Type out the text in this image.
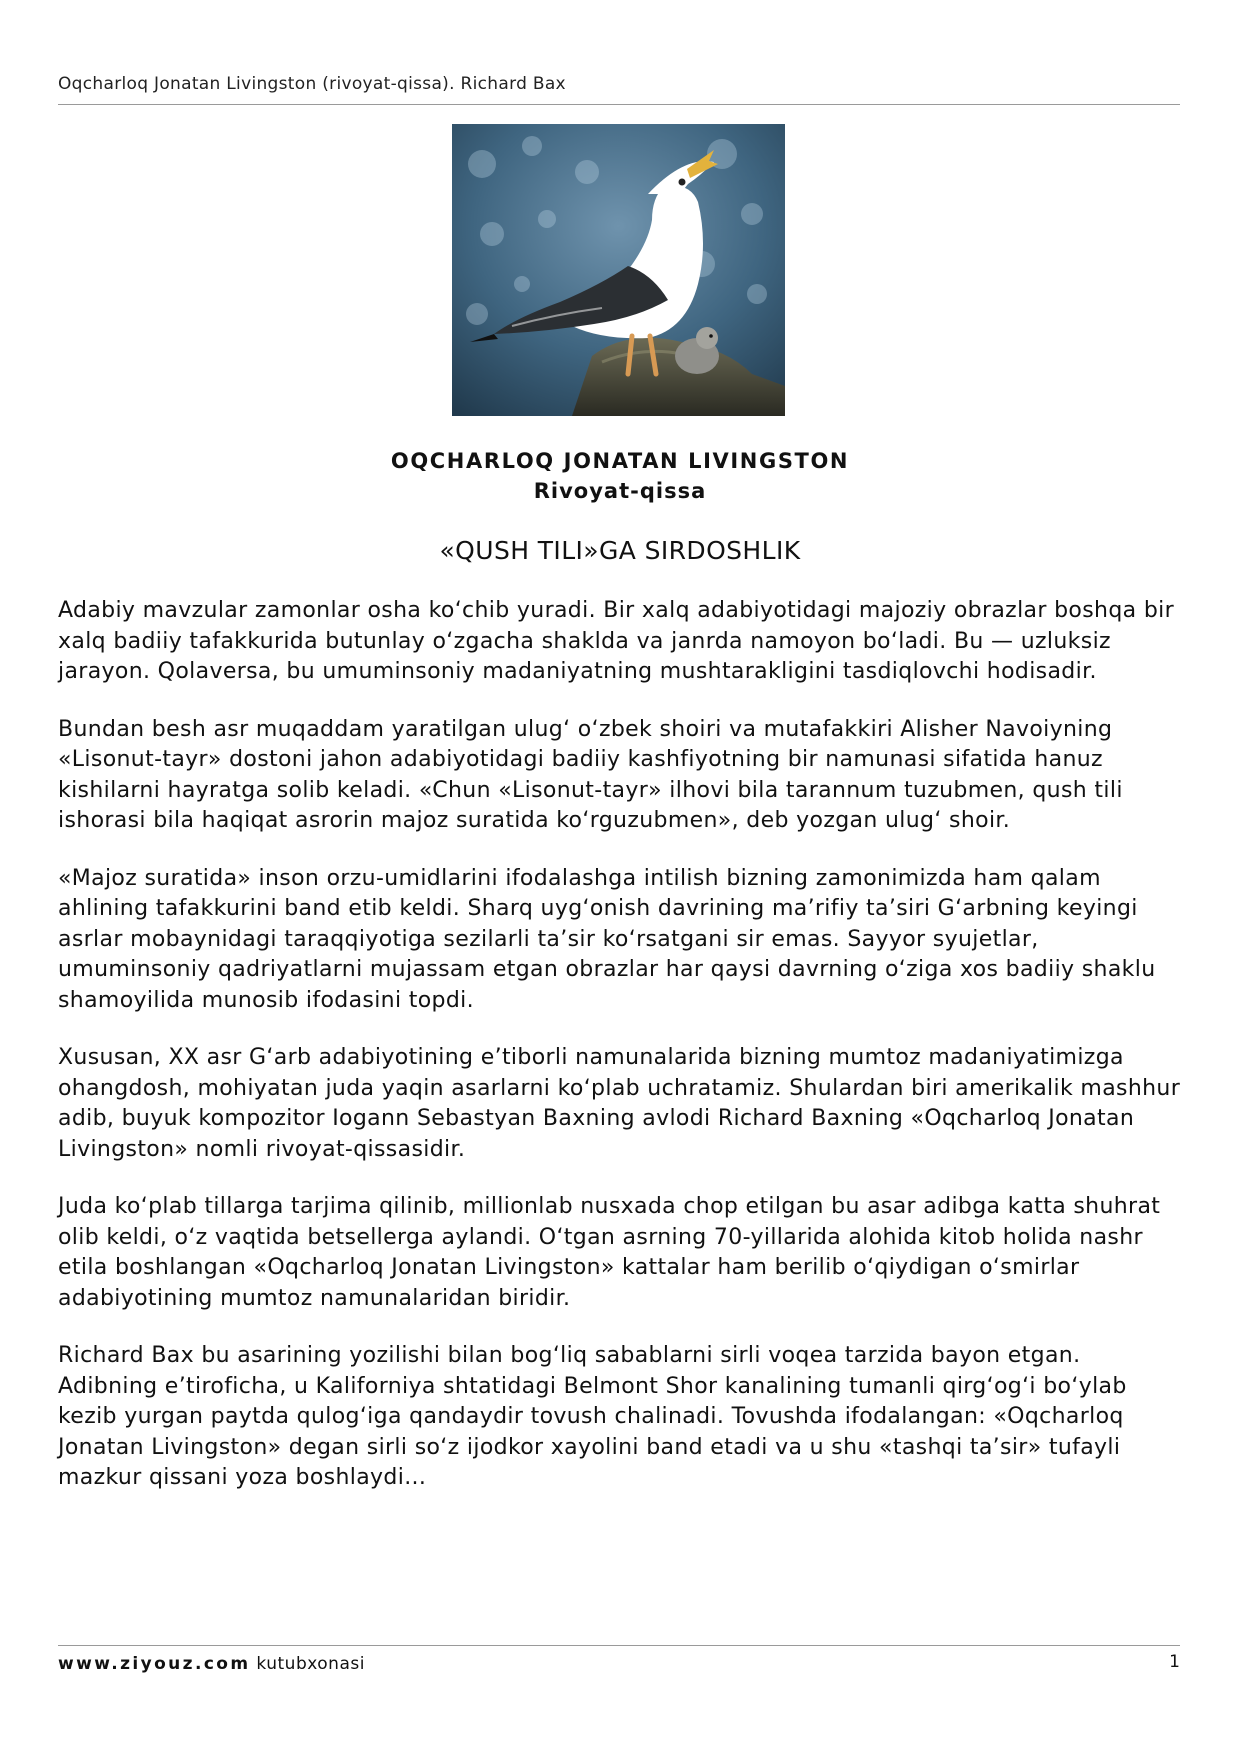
Oqcharloq Jonatan Livingston (rivoyat-qissa). Richard Bax
OQCHARLOQ JONATAN LIVINGSTON
Rivoyat-qissa
«QUSH TILI»GA SIRDOSHLIK

Adabiy mavzular zamonlar osha ko‘chib yuradi. Bir xalq adabiyotidagi majoziy obrazlar boshqa bir xalq badiiy tafakkurida butunlay o‘zgacha shaklda va janrda namoyon bo‘ladi. Bu — uzluksiz jarayon. Qolaversa, bu umuminsoniy madaniyatning mushtarakligini tasdiqlovchi hodisadir.

Bundan besh asr muqaddam yaratilgan ulug‘ o‘zbek shoiri va mutafakkiri Alisher Navoiyning «Lisonut-tayr» dostoni jahon adabiyotidagi badiiy kashfiyotning bir namunasi sifatida hanuz kishilarni hayratga solib keladi. «Chun «Lisonut-tayr» ilhovi bila tarannum tuzubmen, qush tili ishorasi bila haqiqat asrorin majoz suratida ko‘rguzubmen», deb yozgan ulug‘ shoir.

«Majoz suratida» inson orzu-umidlarini ifodalashga intilish bizning zamonimizda ham qalam ahlining tafakkurini band etib keldi. Sharq uyg‘onish davrining ma’rifiy ta’siri G‘arbning keyingi asrlar mobaynidagi taraqqiyotiga sezilarli ta’sir ko‘rsatgani sir emas. Sayyor syujetlar, umuminsoniy qadriyatlarni mujassam etgan obrazlar har qaysi davrning o‘ziga xos badiiy shaklu shamoyilida munosib ifodasini topdi.

Xususan, XX asr G‘arb adabiyotining e’tiborli namunalarida bizning mumtoz madaniyatimizga ohangdosh, mohiyatan juda yaqin asarlarni ko‘plab uchratamiz. Shulardan biri amerikalik mashhur adib, buyuk kompozitor Iogann Sebastyan Baxning avlodi Richard Baxning «Oqcharloq Jonatan Livingston» nomli rivoyat-qissasidir.

Juda ko‘plab tillarga tarjima qilinib, millionlab nusxada chop etilgan bu asar adibga katta shuhrat olib keldi, o‘z vaqtida betsellerga aylandi. O‘tgan asrning 70-yillarida alohida kitob holida nashr etila boshlangan «Oqcharloq Jonatan Livingston» kattalar ham berilib o‘qiydigan o‘smirlar adabiyotining mumtoz namunalaridan biridir.

Richard Bax bu asarining yozilishi bilan bog‘liq sabablarni sirli voqea tarzida bayon etgan. Adibning e’tiroficha, u Kaliforniya shtatidagi Belmont Shor kanalining tumanli qirg‘og‘i bo‘ylab kezib yurgan paytda qulog‘iga qandaydir tovush chalinadi. Tovushda ifodalangan: «Oqcharloq Jonatan Livingston» degan sirli so‘z ijodkor xayolini band etadi va u shu «tashqi ta’sir» tufayli mazkur qissani yoza boshlaydi...

www.ziyouz.com kutubxonasi	1
